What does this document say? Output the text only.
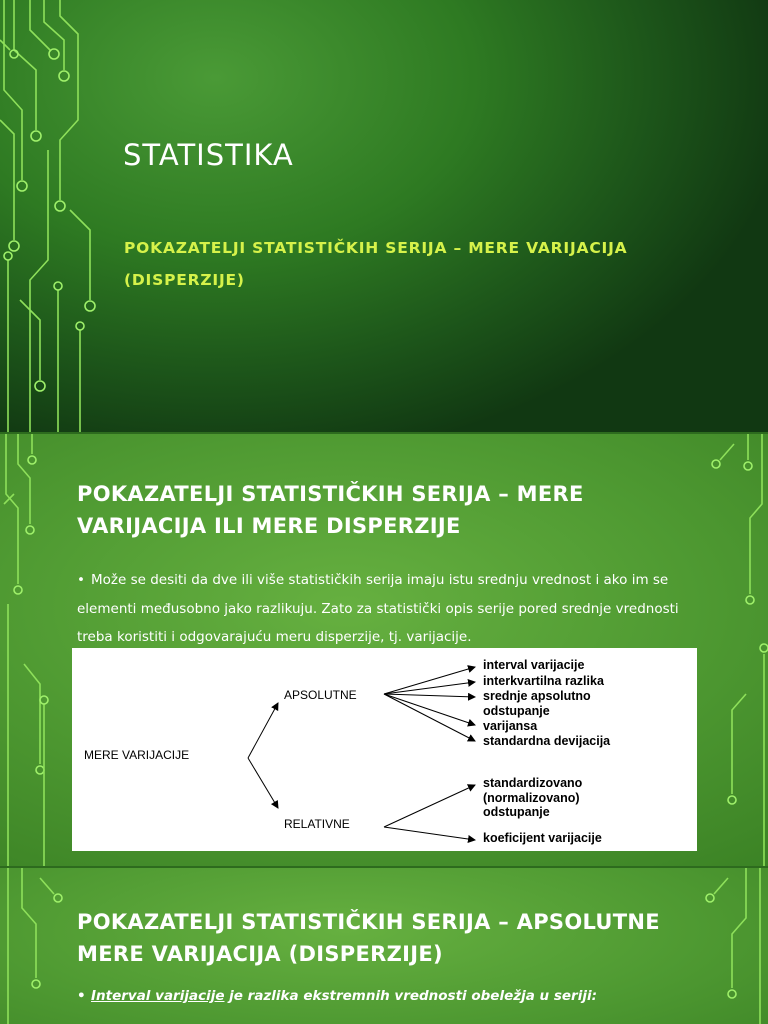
STATISTIKA

POKAZATELJI STATISTIČKIH SERIJA – MERE VARIJACIJA (DISPERZIJE)

POKAZATELJI STATISTIČKIH SERIJA – MERE VARIJACIJA ILI MERE DISPERZIJE

• Može se desiti da dve ili više statističkih serija imaju istu srednju vrednost i ako im se elementi međusobno jako razlikuju. Zato za statistički opis serije pored srednje vrednosti treba koristiti i odgovarajuću meru disperzije, tj. varijacije.

MERE VARIJACIJE

APSOLUTNE

RELATIVNE

interval varijacije

interkvartilna razlika

srednje apsolutno odstupanje

varijansa

standardna devijacija

standardizovano (normalizovano) odstupanje

koeficijent varijacije

POKAZATELJI STATISTIČKIH SERIJA – APSOLUTNE MERE VARIJACIJA (DISPERZIJE)

• Interval varijacije je razlika ekstremnih vrednosti obeležja u seriji:
